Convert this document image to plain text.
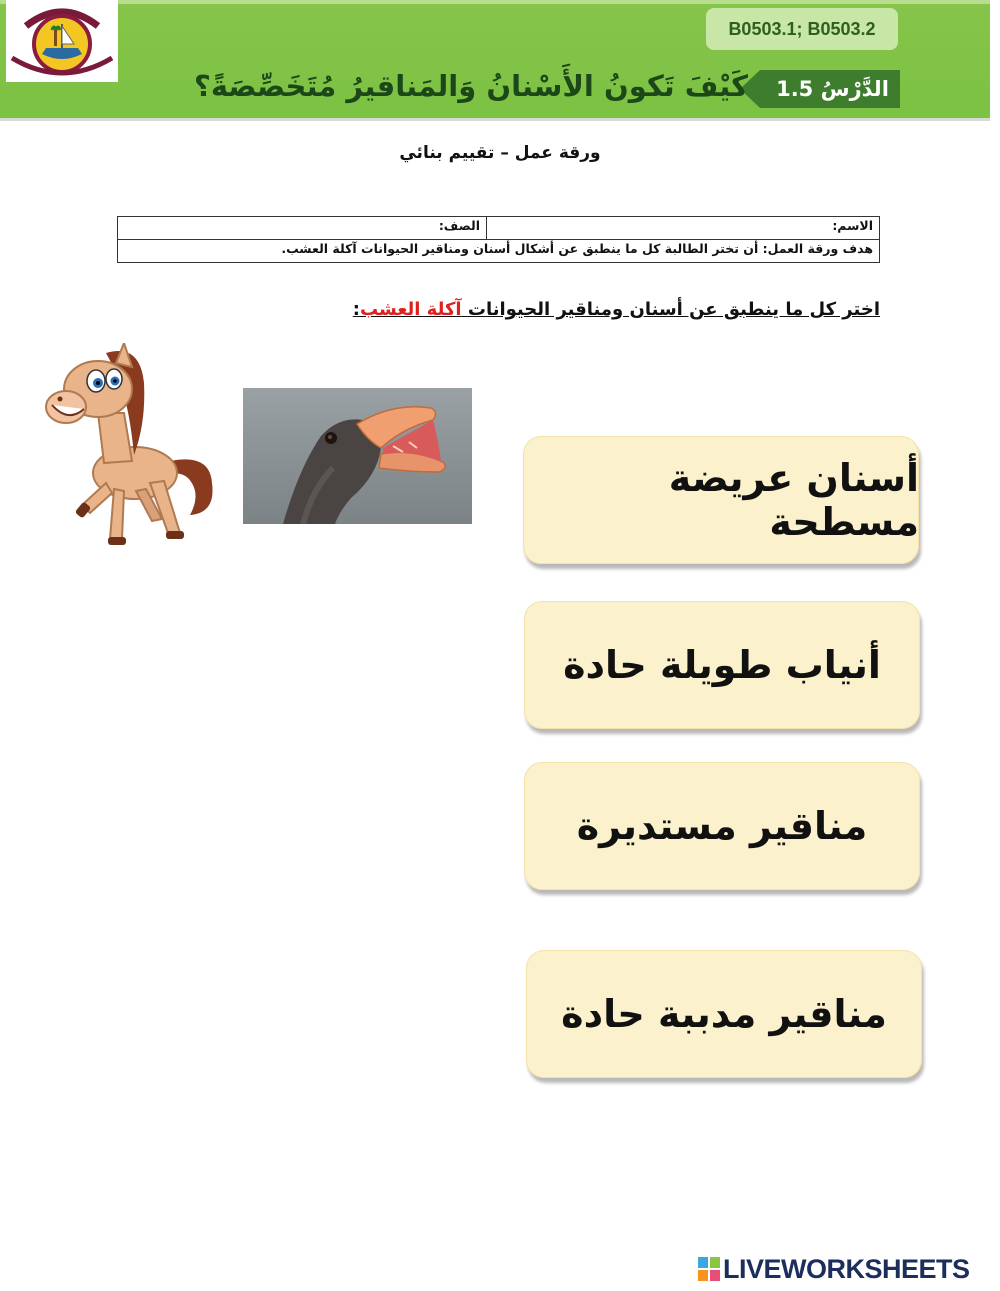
B0503.1; B0503.2
الدَّرْسُ 1.5
كَيْفَ تَكونُ الأَسْنانُ وَالمَناقيرُ مُتَخَصِّصَةً؟
ورقة عمل – تقييم بنائي
الاسم:	الصف:
هدف ورقة العمل: أن تختر الطالبة كل ما ينطبق عن أشكال أسنان ومناقير الحيوانات آكلة العشب.
اختر كل ما ينطبق عن أسنان ومناقير الحيوانات آكلة العشب:
أسنان عريضة مسطحة
أنياب طويلة حادة
مناقير مستديرة
مناقير مدببة حادة
LIVEWORKSHEETS
